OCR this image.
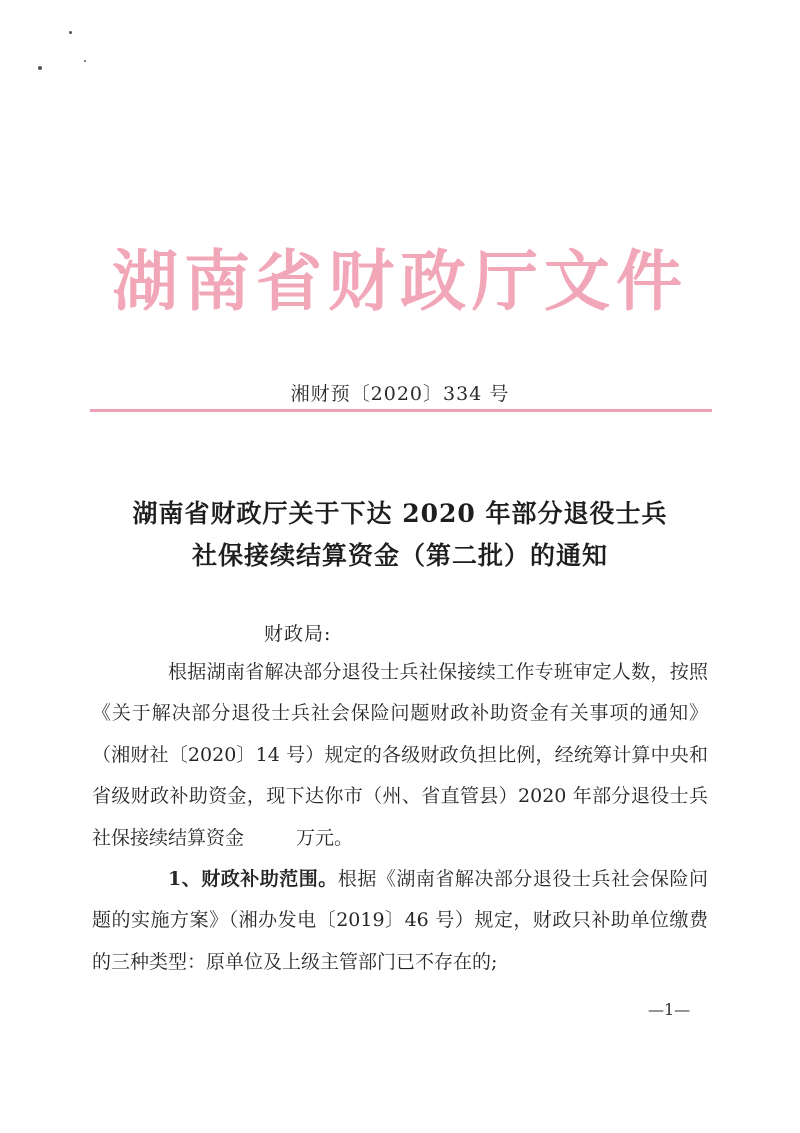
湖南省财政厅文件
湘财预〔2020〕334 号
湖南省财政厅关于下达 2020 年部分退役士兵
社保接续结算资金（第二批）的通知
财政局:
根据湖南省解决部分退役士兵社保接续工作专班审定人数，按照《关于解决部分退役士兵社会保险问题财政补助资金有关事项的通知》（湘财社〔2020〕14 号）规定的各级财政负担比例，经统筹计算中央和省级财政补助资金，现下达你市（州、省直管县）2020 年部分退役士兵社保接续结算资金	万元。
1、财政补助范围。根据《湖南省解决部分退役士兵社会保险问题的实施方案》（湘办发电〔2019〕46 号）规定，财政只补助单位缴费的三种类型：原单位及上级主管部门已不存在的;
—1—
